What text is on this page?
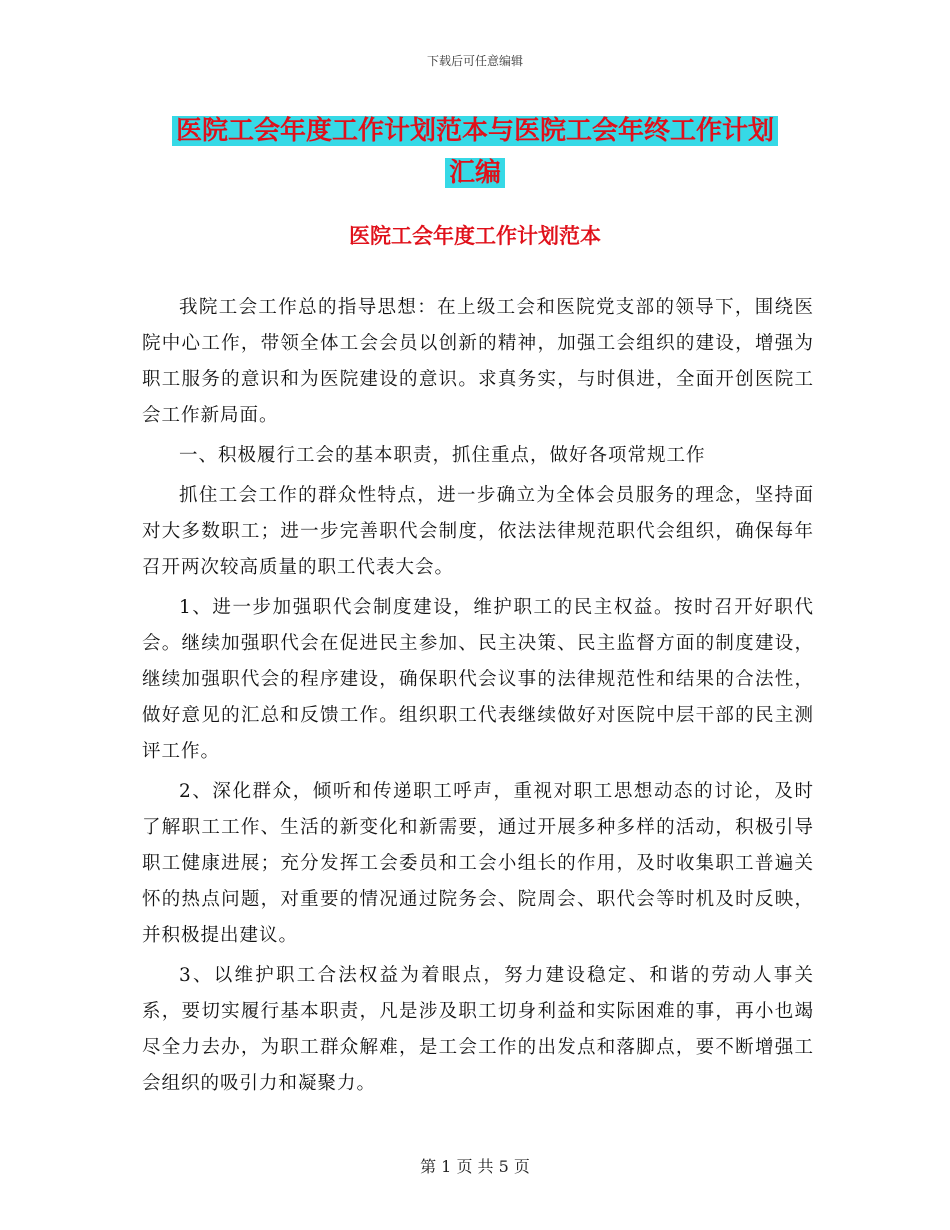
下载后可任意编辑
医院工会年度工作计划范本与医院工会年终工作计划
汇编
医院工会年度工作计划范本

我院工会工作总的指导思想：在上级工会和医院党支部的领导下，围绕医院中心工作，带领全体工会会员以创新的精神，加强工会组织的建设，增强为职工服务的意识和为医院建设的意识。求真务实，与时俱进，全面开创医院工会工作新局面。

一、积极履行工会的基本职责，抓住重点，做好各项常规工作

抓住工会工作的群众性特点，进一步确立为全体会员服务的理念，坚持面对大多数职工；进一步完善职代会制度，依法法律规范职代会组织，确保每年召开两次较高质量的职工代表大会。

1、进一步加强职代会制度建设，维护职工的民主权益。按时召开好职代会。继续加强职代会在促进民主参加、民主决策、民主监督方面的制度建设，继续加强职代会的程序建设，确保职代会议事的法律规范性和结果的合法性，做好意见的汇总和反馈工作。组织职工代表继续做好对医院中层干部的民主测评工作。

2、深化群众，倾听和传递职工呼声，重视对职工思想动态的讨论，及时了解职工工作、生活的新变化和新需要，通过开展多种多样的活动，积极引导职工健康进展；充分发挥工会委员和工会小组长的作用，及时收集职工普遍关怀的热点问题，对重要的情况通过院务会、院周会、职代会等时机及时反映，并积极提出建议。

3、以维护职工合法权益为着眼点，努力建设稳定、和谐的劳动人事关系，要切实履行基本职责，凡是涉及职工切身利益和实际困难的事，再小也竭尽全力去办，为职工群众解难，是工会工作的出发点和落脚点，要不断增强工会组织的吸引力和凝聚力。

第 1 页 共 5 页
